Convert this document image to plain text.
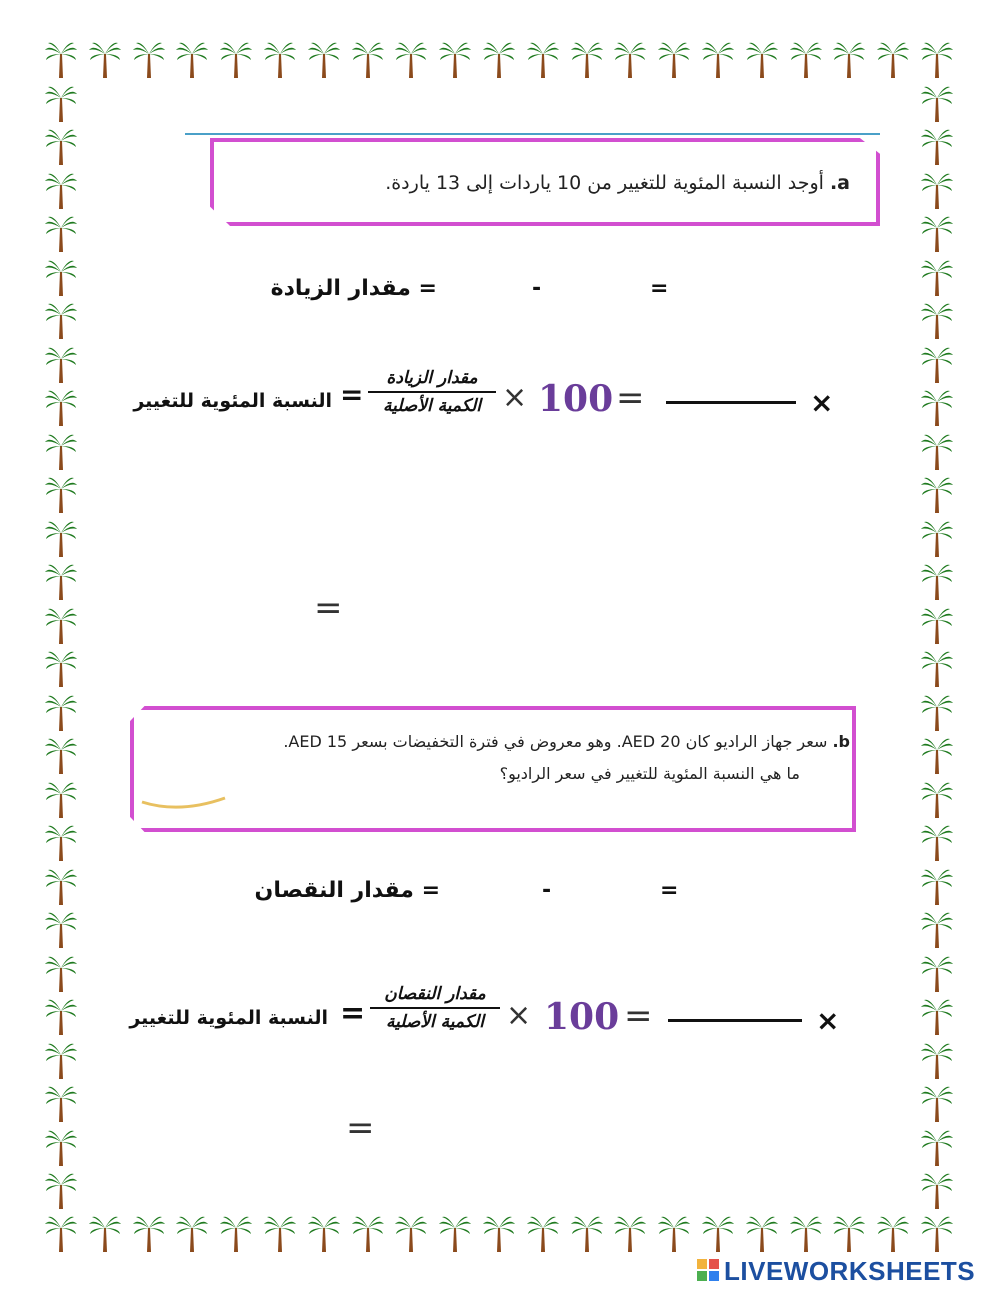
a. أوجد النسبة المئوية للتغيير من 10 ياردات إلى 13 ياردة.
= مقدار الزيادة	-	=
النسبة المئوية للتغيير =	مقدار الزيادة
الكمية الأصلية × 100 =	×
=
b. سعر جهاز الراديو كان AED 20. وهو معروض في فترة التخفيضات بسعر AED 15.
ما هي النسبة المئوية للتغيير في سعر الراديو؟
= مقدار النقصان	-	=
النسبة المئوية للتغيير =
مقدار النقصان
الكمية الأصلية × 100 =	×
=
LIVEWORKSHEETS
